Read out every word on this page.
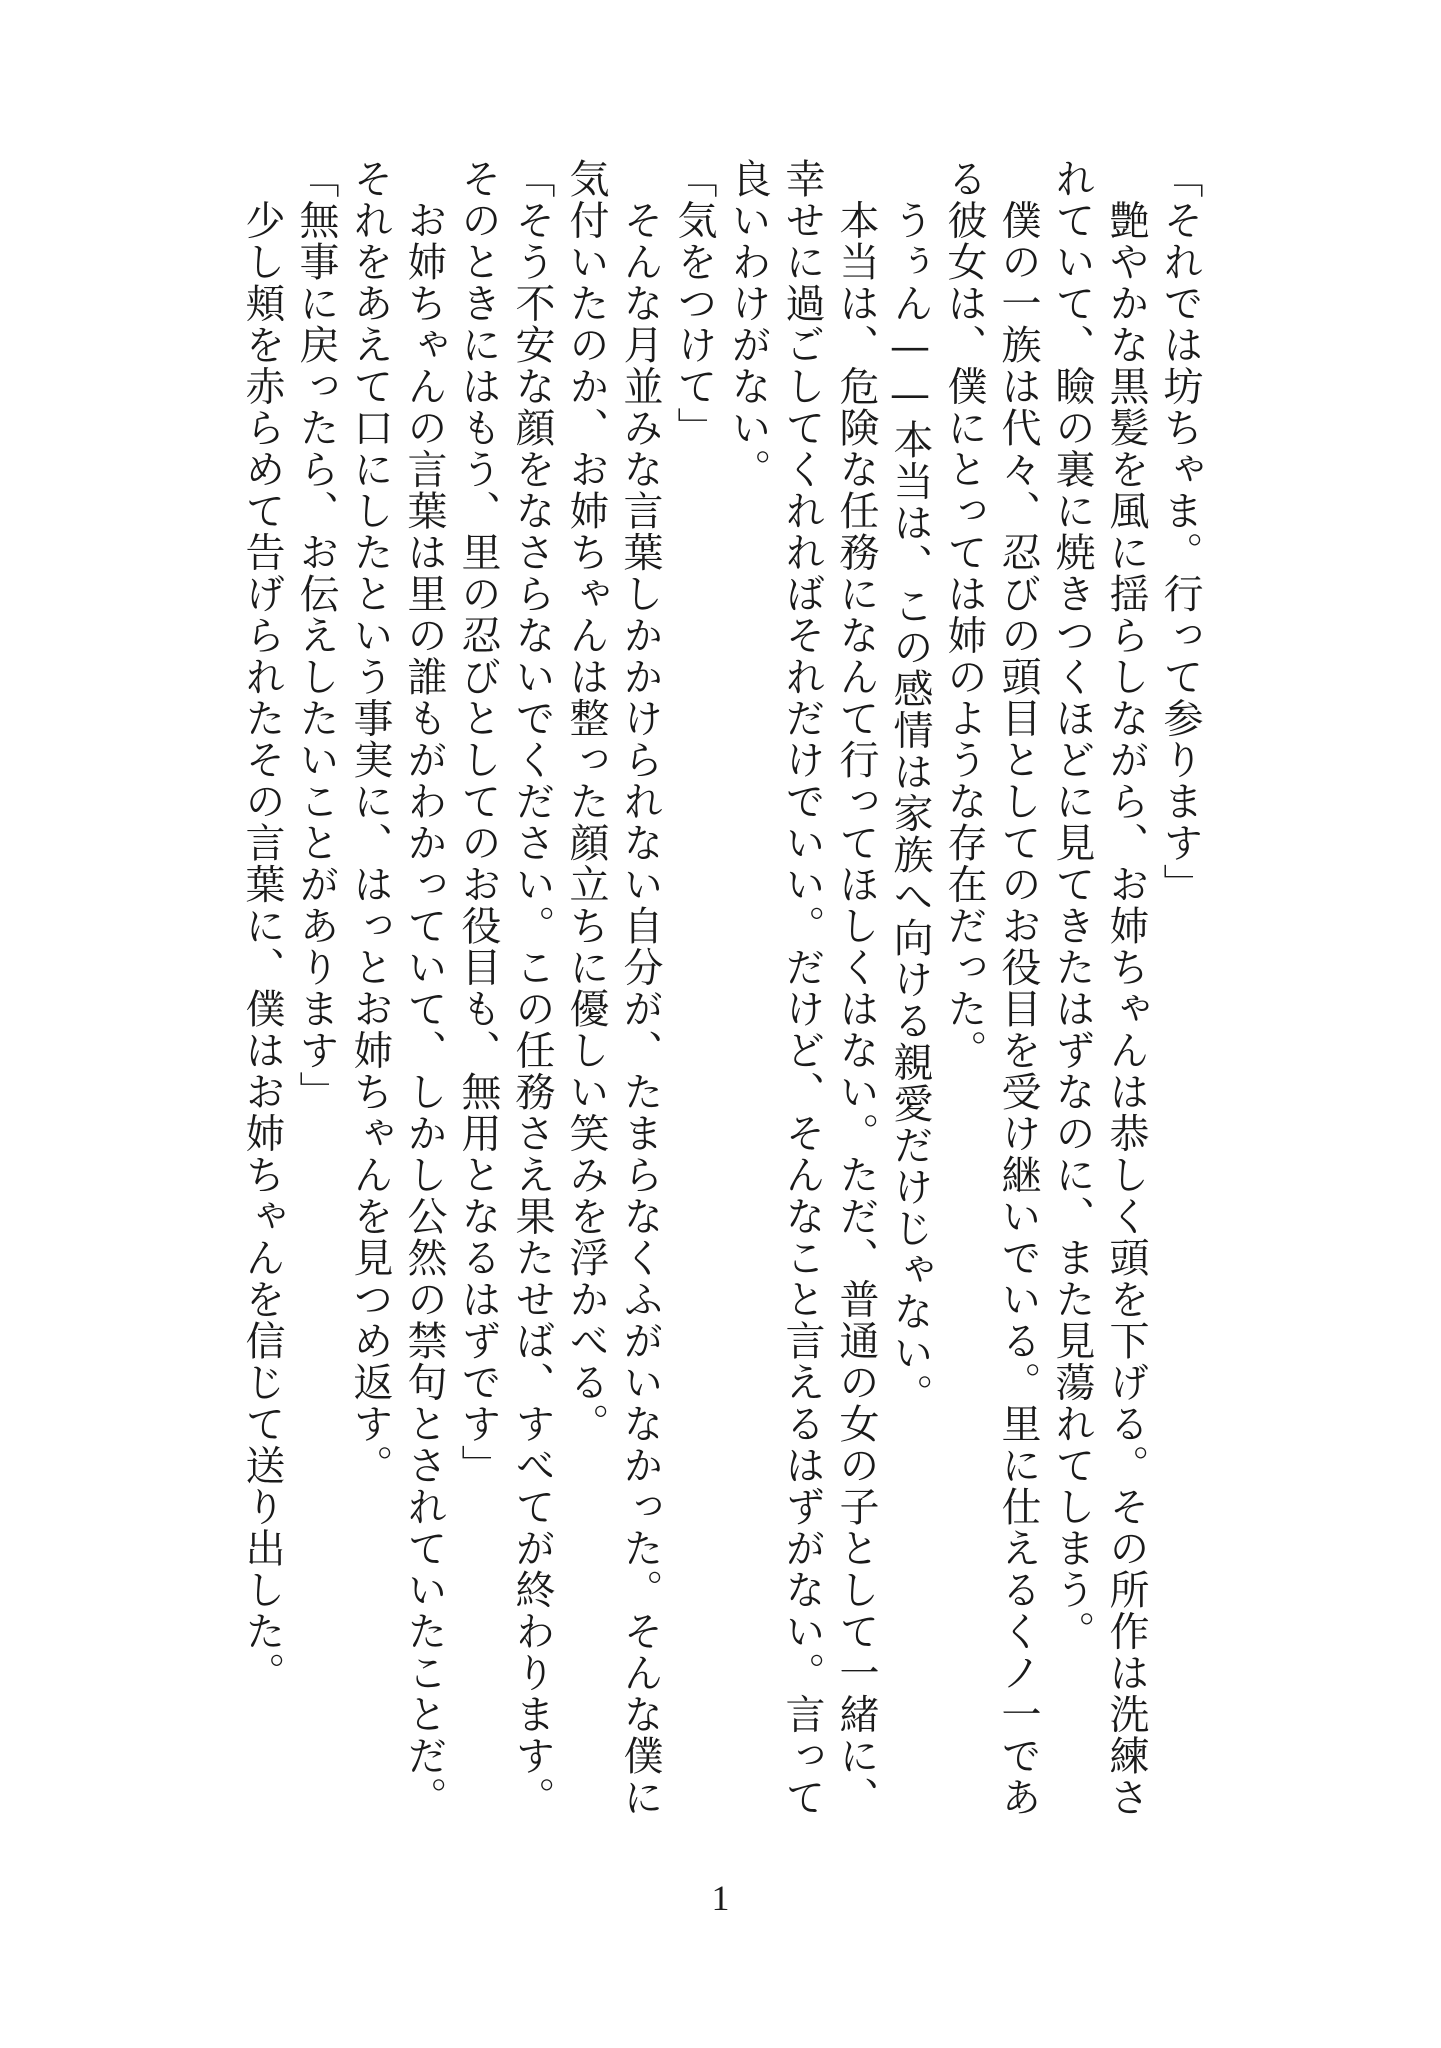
「それでは坊ちゃま。行って参ります」
　艶やかな黒髪を風に揺らしながら、お姉ちゃんは恭しく頭を下げる。その所作は洗練さ
れていて、瞼の裏に焼きつくほどに見てきたはずなのに、また見蕩れてしまう。
　僕の一族は代々、忍びの頭目としてのお役目を受け継いでいる。里に仕えるくノ一であ
る彼女は、僕にとっては姉のような存在だった。
　うぅん——本当は、この感情は家族へ向ける親愛だけじゃない。
　本当は、危険な任務になんて行ってほしくはない。ただ、普通の女の子として一緒に、
幸せに過ごしてくれればそれだけでいい。だけど、そんなこと言えるはずがない。言って
良いわけがない。
「気をつけて」
　そんな月並みな言葉しかかけられない自分が、たまらなくふがいなかった。そんな僕に
気付いたのか、お姉ちゃんは整った顔立ちに優しい笑みを浮かべる。
「そう不安な顔をなさらないでください。この任務さえ果たせば、すべてが終わります。
そのときにはもう、里の忍びとしてのお役目も、無用となるはずです」
　お姉ちゃんの言葉は里の誰もがわかっていて、しかし公然の禁句とされていたことだ。
それをあえて口にしたという事実に、はっとお姉ちゃんを見つめ返す。
「無事に戻ったら、お伝えしたいことがあります」
　少し頬を赤らめて告げられたその言葉に、僕はお姉ちゃんを信じて送り出した。
1
